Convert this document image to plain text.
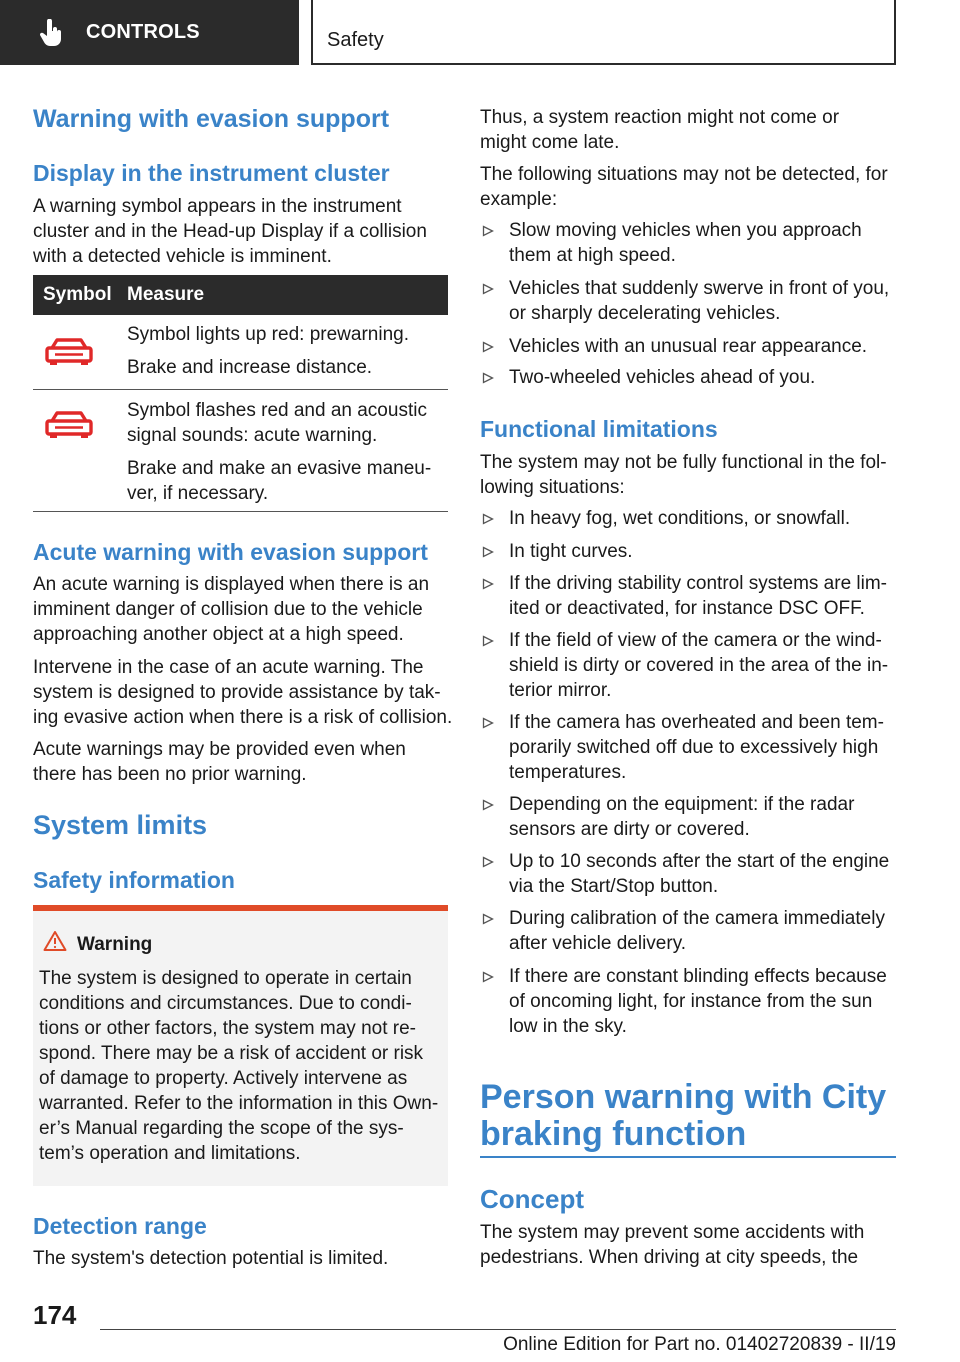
CONTROLS	Safety
Warning with evasion support
Display in the instrument cluster
A warning symbol appears in the instrument
cluster and in the Head-up Display if a collision
with a detected vehicle is imminent.
Symbol Measure
Symbol lights up red: prewarning.
Brake and increase distance.
Symbol flashes red and an acoustic
signal sounds: acute warning.
Brake and make an evasive maneu-
ver, if necessary.
Acute warning with evasion support
An acute warning is displayed when there is an
imminent danger of collision due to the vehicle
approaching another object at a high speed.
Intervene in the case of an acute warning. The
system is designed to provide assistance by tak-
ing evasive action when there is a risk of collision.
Acute warnings may be provided even when
there has been no prior warning.
System limits
Safety information
Warning
The system is designed to operate in certain
conditions and circumstances. Due to condi-
tions or other factors, the system may not re-
spond. There may be a risk of accident or risk
of damage to property. Actively intervene as
warranted. Refer to the information in this Own-
er’s Manual regarding the scope of the sys-
tem’s operation and limitations.
Detection range
The system's detection potential is limited.
Thus, a system reaction might not come or
might come late.
The following situations may not be detected, for
example:
Slow moving vehicles when you approach
them at high speed.
Vehicles that suddenly swerve in front of you,
or sharply decelerating vehicles.
Vehicles with an unusual rear appearance.
Two-wheeled vehicles ahead of you.
Functional limitations
The system may not be fully functional in the fol-
lowing situations:
In heavy fog, wet conditions, or snowfall.
In tight curves.
If the driving stability control systems are lim-
ited or deactivated, for instance DSC OFF.
If the field of view of the camera or the wind-
shield is dirty or covered in the area of the in-
terior mirror.
If the camera has overheated and been tem-
porarily switched off due to excessively high
temperatures.
Depending on the equipment: if the radar
sensors are dirty or covered.
Up to 10 seconds after the start of the engine
via the Start/Stop button.
During calibration of the camera immediately
after vehicle delivery.
If there are constant blinding effects because
of oncoming light, for instance from the sun
low in the sky.
Person warning with City
braking function
Concept
The system may prevent some accidents with
pedestrians. When driving at city speeds, the
174
Online Edition for Part no. 01402720839 - II/19
